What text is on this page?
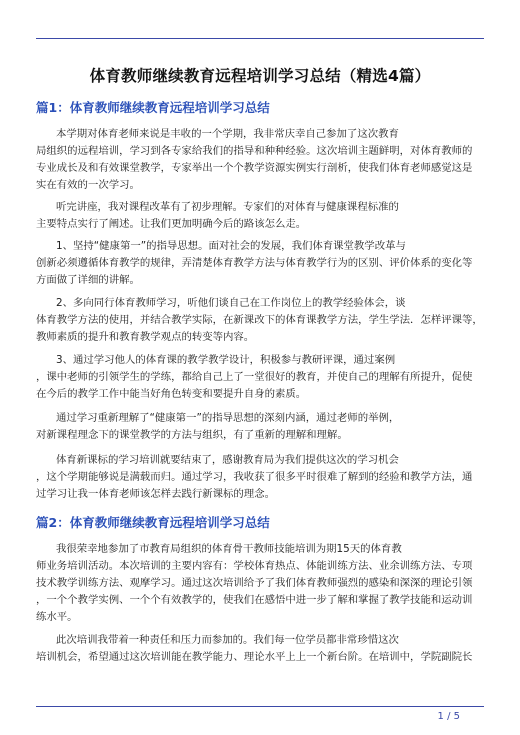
体育教师继续教育远程培训学习总结（精选4篇）
篇1：体育教师继续教育远程培训学习总结
本学期对体育老师来说是丰收的一个学期，我非常庆幸自己参加了这次教育
局组织的远程培训，学习到各专家给我们的指导和种种经验。这次培训主题鲜明，对体育教师的
专业成长及和有效课堂教学，专家举出一个个教学资源实例实行剖析，使我们体育老师感觉这是
实在有效的一次学习。
听完讲座，我对课程改革有了初步理解。专家们的对体育与健康课程标准的
主要特点实行了阐述。让我们更加明确今后的路该怎么走。
1、坚持“健康第一”的指导思想。面对社会的发展，我们体育课堂教学改革与
创新必须遵循体育教学的规律，弄清楚体育教学方法与体育教学行为的区别、评价体系的变化等
方面做了详细的讲解。
2、多向同行体育教师学习，听他们谈自己在工作岗位上的教学经验体会，谈
体育教学方法的使用，并结合教学实际，在新课改下的体育课教学方法，学生学法．怎样评课等，
教师素质的提升和教育教学观点的转变等内容。
3、通过学习他人的体育课的教学教学设计，积极参与教研评课，通过案例
，课中老师的引领学生的学练，都给自己上了一堂很好的教育，并使自己的理解有所提升，促使
在今后的教学工作中能当好角色转变和要提升自身的素质。
通过学习重新理解了“健康第一”的指导思想的深刻内涵，通过老师的举例，
对新课程理念下的课堂教学的方法与组织，有了重新的理解和理解。
体育新课标的学习培训就要结束了，感谢教育局为我们提供这次的学习机会
，这个学期能够说是满载而归。通过学习，我收获了很多平时很难了解到的经验和教学方法，通
过学习让我一体育老师该怎样去践行新课标的理念。
篇2：体育教师继续教育远程培训学习总结
我很荣幸地参加了市教育局组织的体育骨干教师技能培训为期15天的体育教
师业务培训活动。本次培训的主要内容有：学校体育热点、体能训练方法、业余训练方法、专项
技术教学训练方法、观摩学习。通过这次培训给予了我们体育教师强烈的感染和深深的理论引领
，一个个教学实例、一个个有效教学的，使我们在感悟中进一步了解和掌握了教学技能和运动训
练水平。
此次培训我带着一种责任和压力而参加的。我们每一位学员都非常珍惜这次
培训机会，希望通过这次培训能在教学能力、理论水平上上一个新台阶。在培训中，学院副院长
1 / 5
